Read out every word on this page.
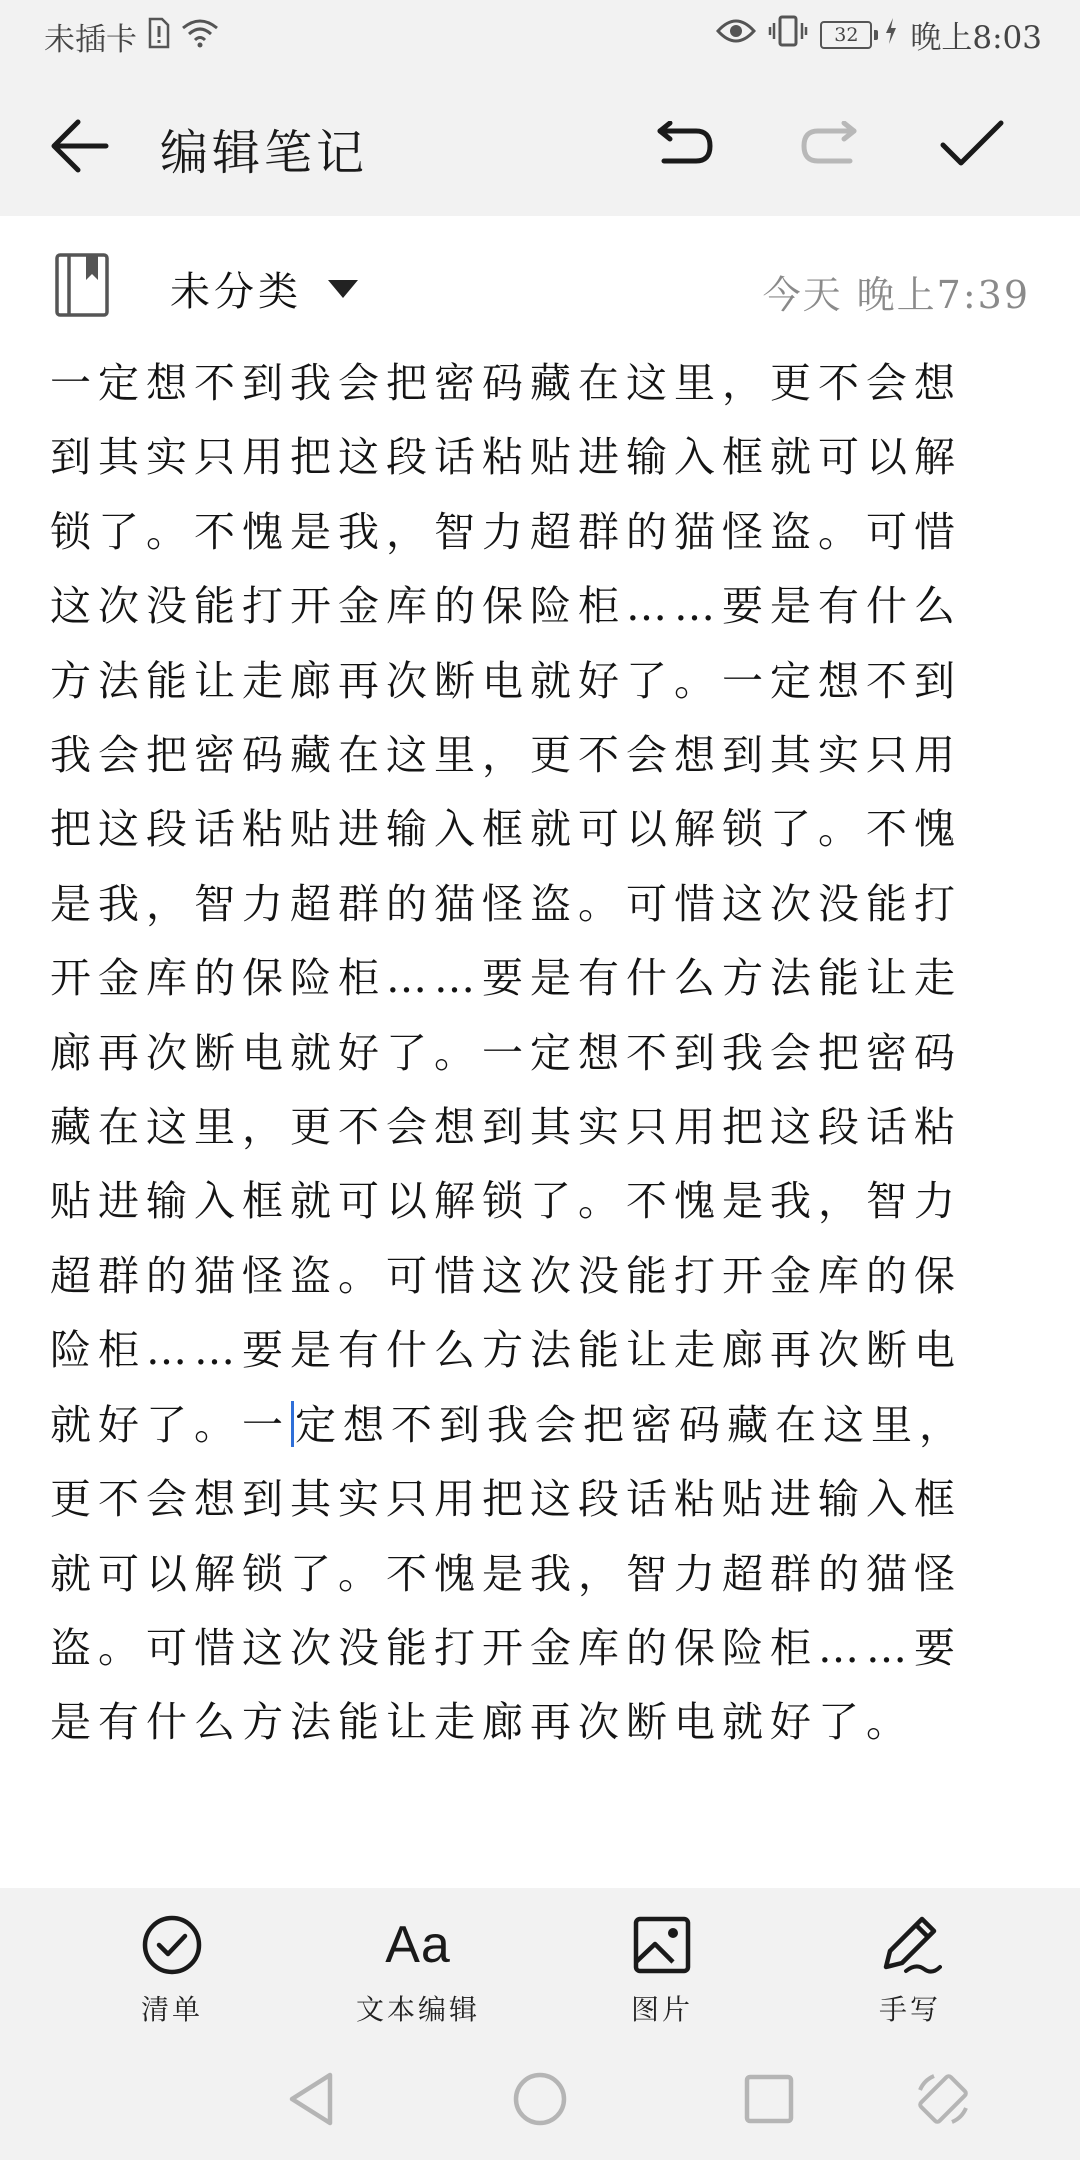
未插卡	32	晚上8:03
编辑笔记
未分类	今天 晚上7:39
一定想不到我会把密码藏在这里，更不会想到其实只用把这段话粘贴进输入框就可以解锁了。不愧是我，智力超群的猫怪盗。可惜这次没能打开金库的保险柜……要是有什么方法能让走廊再次断电就好了。一定想不到我会把密码藏在这里，更不会想到其实只用把这段话粘贴进输入框就可以解锁了。不愧是我，智力超群的猫怪盗。可惜这次没能打开金库的保险柜……要是有什么方法能让走廊再次断电就好了。一定想不到我会把密码藏在这里，更不会想到其实只用把这段话粘贴进输入框就可以解锁了。不愧是我，智力超群的猫怪盗。可惜这次没能打开金库的保险柜……要是有什么方法能让走廊再次断电就好了。一 定想不到我会把密码藏在这里，更不会想到其实只用把这段话粘贴进输入框就可以解锁了。不愧是我，智力超群的猫怪盗。可惜这次没能打开金库的保险柜……要是有什么方法能让走廊再次断电就好了。
清单
Aa
文本编辑	图片	手写
